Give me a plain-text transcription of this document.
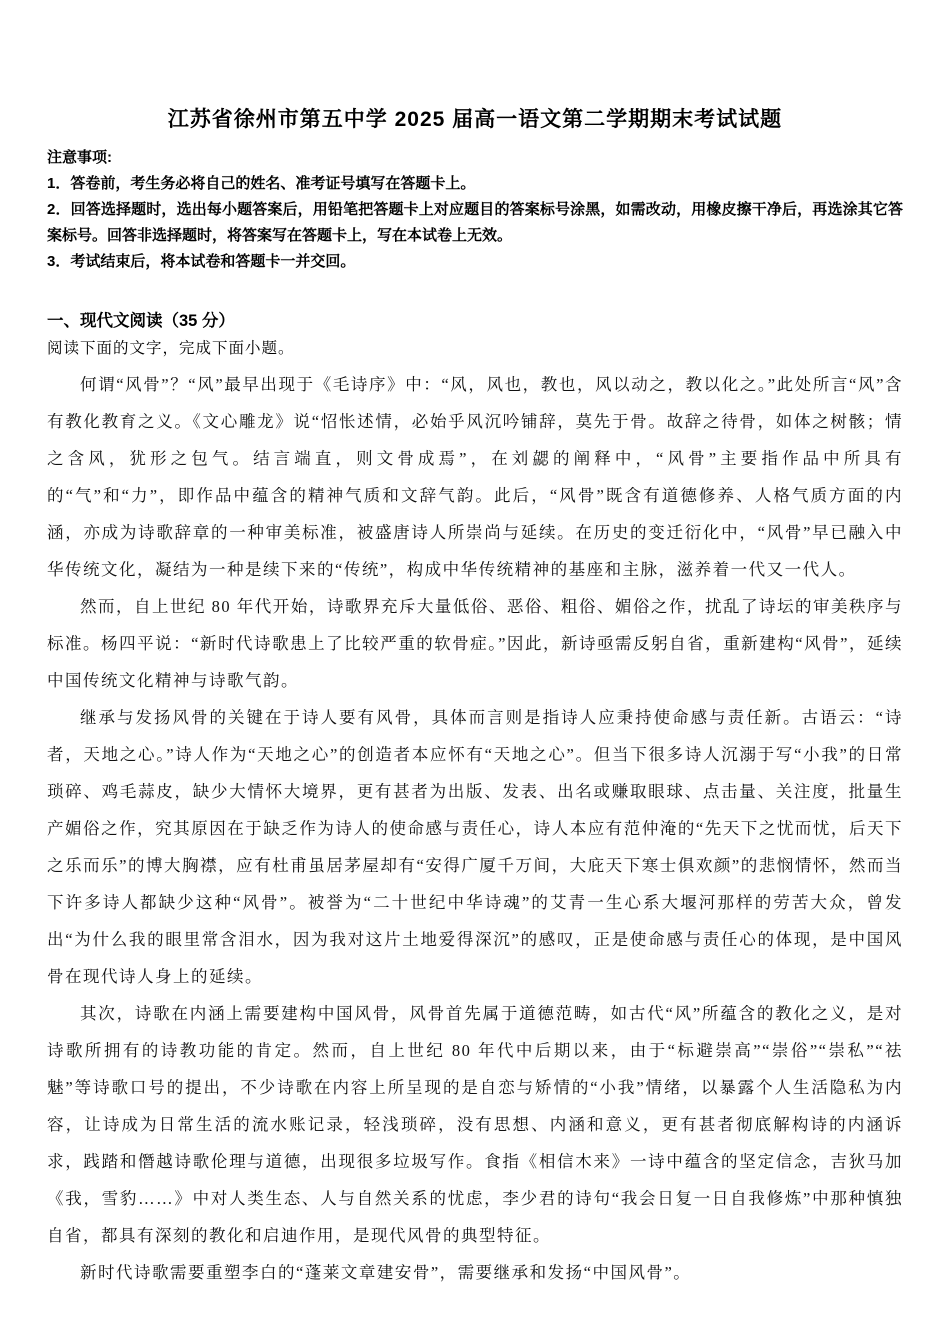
江苏省徐州市第五中学 2025 届高一语文第二学期期末考试试题
注意事项:
1．答卷前，考生务必将自己的姓名、准考证号填写在答题卡上。
2．回答选择题时，选出每小题答案后，用铅笔把答题卡上对应题目的答案标号涂黑，如需改动，用橡皮擦干净后，再选涂其它答案标号。回答非选择题时，将答案写在答题卡上，写在本试卷上无效。
3．考试结束后，将本试卷和答题卡一并交回。
一、现代文阅读（35 分）
阅读下面的文字，完成下面小题。

何谓“风骨”？“风”最早出现于《毛诗序》中：“风，风也，教也，风以动之，教以化之。”此处所言“风”含有教化教育之义。《文心雕龙》说“怊怅述情，必始乎风沉吟铺辞，莫先于骨。故辞之待骨，如体之树骸；情之含风，犹形之包气。结言端直，则文骨成焉”，在刘勰的阐释中，“风骨”主要指作品中所具有的“气”和“力”，即作品中蕴含的精神气质和文辞气韵。此后，“风骨”既含有道德修养、人格气质方面的内涵，亦成为诗歌辞章的一种审美标准，被盛唐诗人所崇尚与延续。在历史的变迁衍化中，“风骨”早已融入中华传统文化，凝结为一种是续下来的“传统”，构成中华传统精神的基座和主脉，滋养着一代又一代人。

然而，自上世纪 80 年代开始，诗歌界充斥大量低俗、恶俗、粗俗、媚俗之作，扰乱了诗坛的审美秩序与标准。杨四平说：“新时代诗歌患上了比较严重的软骨症。”因此，新诗亟需反躬自省，重新建构“风骨”，延续中国传统文化精神与诗歌气韵。

继承与发扬风骨的关键在于诗人要有风骨，具体而言则是指诗人应秉持使命感与责任新。古语云：“诗者，天地之心。”诗人作为“天地之心”的创造者本应怀有“天地之心”。但当下很多诗人沉溺于写“小我”的日常琐碎、鸡毛蒜皮，缺少大情怀大境界，更有甚者为出版、发表、出名或赚取眼球、点击量、关注度，批量生产媚俗之作，究其原因在于缺乏作为诗人的使命感与责任心，诗人本应有范仲淹的“先天下之忧而忧，后天下之乐而乐”的博大胸襟，应有杜甫虽居茅屋却有“安得广厦千万间，大庇天下寒士俱欢颜”的悲悯情怀，然而当下许多诗人都缺少这种“风骨”。被誉为“二十世纪中华诗魂”的艾青一生心系大堰河那样的劳苦大众，曾发出“为什么我的眼里常含泪水，因为我对这片土地爱得深沉”的感叹，正是使命感与责任心的体现，是中国风骨在现代诗人身上的延续。

其次，诗歌在内涵上需要建构中国风骨，风骨首先属于道德范畴，如古代“风”所蕴含的教化之义，是对诗歌所拥有的诗教功能的肯定。然而，自上世纪 80 年代中后期以来，由于“标避崇高”“崇俗”“崇私”“祛魅”等诗歌口号的提出，不少诗歌在内容上所呈现的是自恋与矫情的“小我”情绪，以暴露个人生活隐私为内容，让诗成为日常生活的流水账记录，轻浅琐碎，没有思想、内涵和意义，更有甚者彻底解构诗的内涵诉求，践踏和僭越诗歌伦理与道德，出现很多垃圾写作。食指《相信木来》一诗中蕴含的坚定信念，吉狄马加《我，雪豹……》中对人类生态、人与自然关系的忧虑，李少君的诗句“我会日复一日自我修炼”中那种慎独自省，都具有深刻的教化和启迪作用，是现代风骨的典型特征。

新时代诗歌需要重塑李白的“蓬莱文章建安骨”，需要继承和发扬“中国风骨”。
